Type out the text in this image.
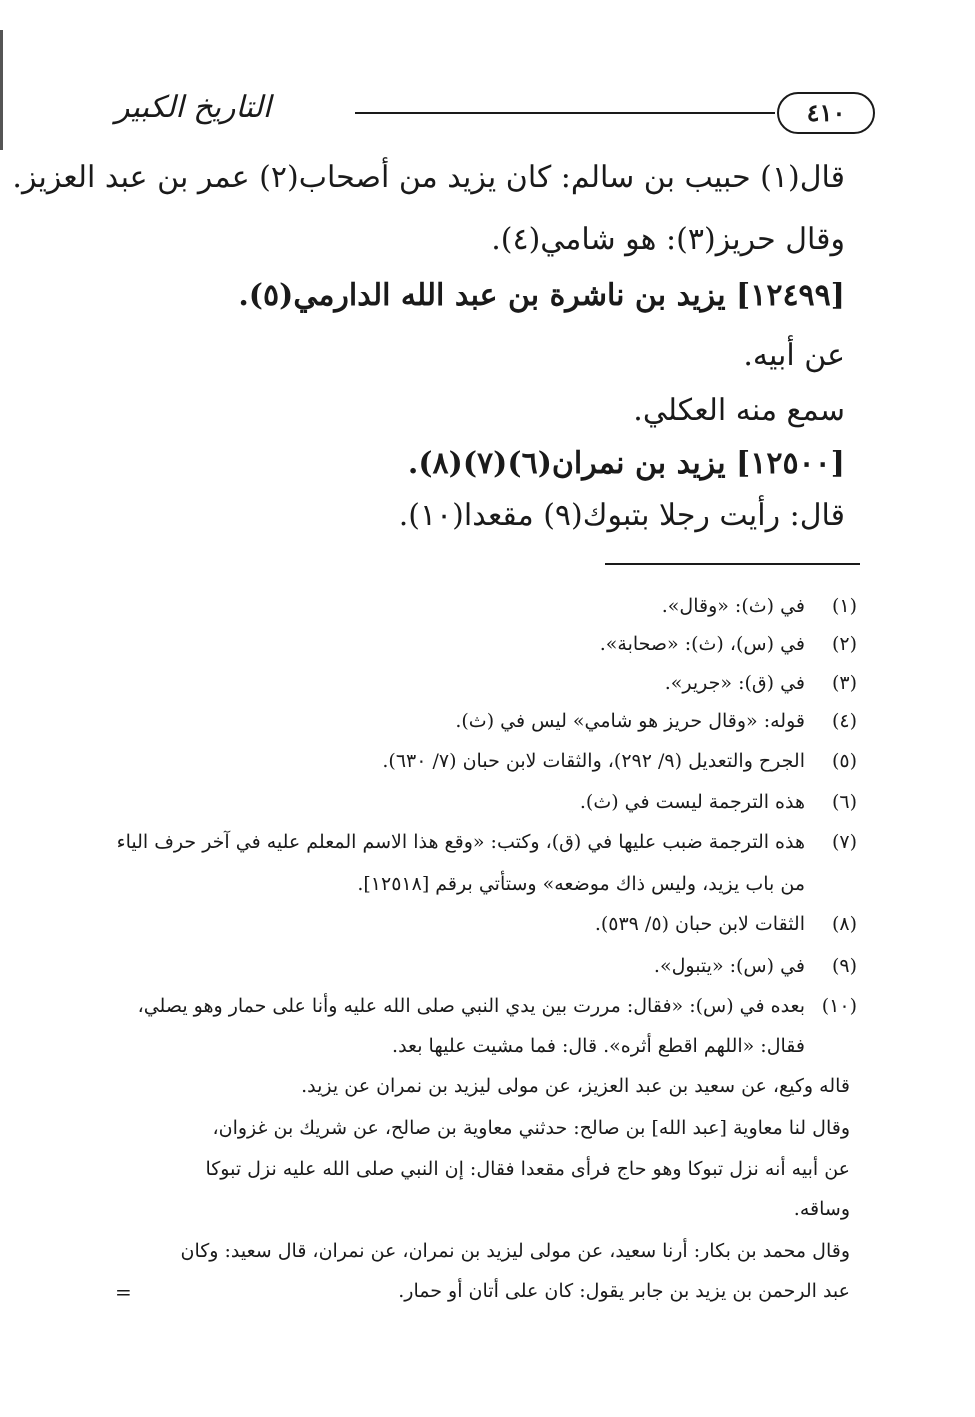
التاريخ الكبير	٤١٠
قال(١) حبيب بن سالم: كان يزيد من أصحاب(٢) عمر بن عبد العزيز.
وقال حريز(٣): هو شامي(٤).
[١٢٤٩٩] يزيد بن ناشرة بن عبد الله الدارمي(٥).
عن أبيه.
سمع منه العكلي.
[١٢٥٠٠] يزيد بن نمران(٦)(٧)(٨).
قال: رأيت رجلا بتبوك(٩) مقعدا(١٠).
(١)في (ث): «وقال».
(٢)في (س)، (ث): «صحابة».
(٣)في (ق): «جرير».
(٤)قوله: «وقال حريز هو شامي» ليس في (ث).
(٥)الجرح والتعديل (٩/ ٢٩٢)، والثقات لابن حبان (٧/ ٦٣٠).
(٦)هذه الترجمة ليست في (ث).
(٧)هذه الترجمة ضبب عليها في (ق)، وكتب: «وقع هذا الاسم المعلم عليه في آخر حرف الياء
من باب يزيد، وليس ذاك موضعه» وستأتي برقم [١٢٥١٨].
(٨)الثقات لابن حبان (٥/ ٥٣٩).
(٩)في (س): «يتبول».
(١٠)بعده في (س): «فقال: مررت بين يدي النبي صلى الله عليه وأنا على حمار وهو يصلي،
فقال: «اللهم اقطع أثره». قال: فما مشيت عليها بعد.
قاله وكيع، عن سعيد بن عبد العزيز، عن مولى ليزيد بن نمران عن يزيد.
وقال لنا معاوية [عبد الله] بن صالح: حدثني معاوية بن صالح، عن شريك بن غزوان،
عن أبيه أنه نزل تبوكا وهو حاج فرأى مقعدا فقال: إن النبي صلى الله عليه نزل تبوكا
وساقه.
وقال محمد بن بكار: أرنا سعيد، عن مولى ليزيد بن نمران، عن نمران، قال سعيد: وكان
عبد الرحمن بن يزيد بن جابر يقول: كان على أتان أو حمار.
=
